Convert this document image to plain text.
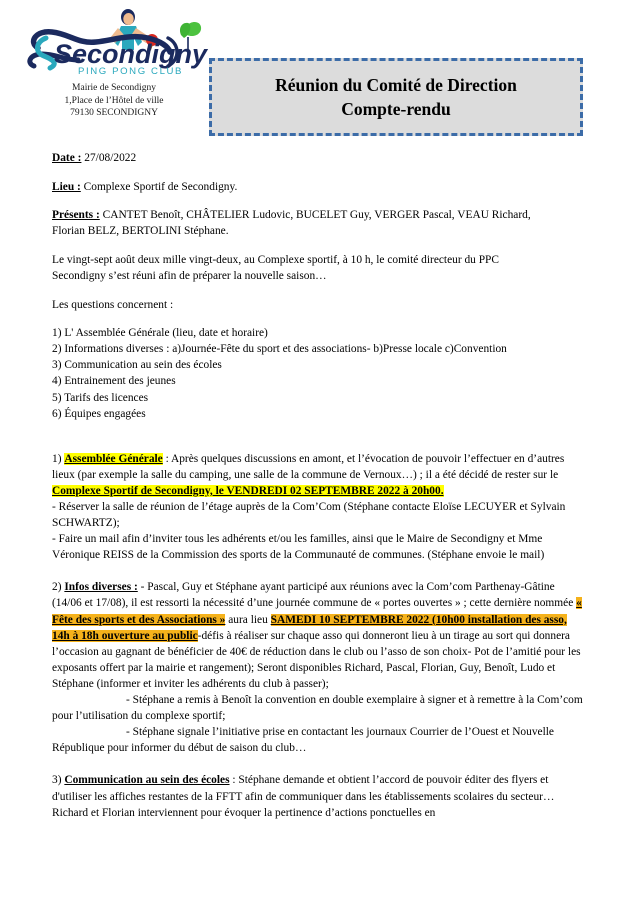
Secondigny
PING PONG CLUB
Mairie de Secondigny
1,Place de l’Hôtel de ville
79130 SECONDIGNY
Réunion du Comité de Direction
Compte-rendu

Date : 27/08/2022

Lieu : Complexe Sportif de Secondigny.

Présents : CANTET Benoît, CHÂTELIER Ludovic, BUCELET Guy, VERGER Pascal, VEAU Richard,
Florian BELZ, BERTOLINI Stéphane.

Le vingt-sept août deux mille vingt-deux, au Complexe sportif, à 10 h, le comité directeur du PPC
Secondigny s’est réuni afin de préparer la nouvelle saison…

Les questions concernent :

1) L' Assemblée Générale (lieu, date et horaire)

2) Informations diverses : a)Journée-Fête du sport et des associations- b)Presse locale c)Convention

3) Communication au sein des écoles

4) Entrainement des jeunes

5) Tarifs des licences

6) Équipes engagées

1) Assemblée Générale : Après quelques discussions en amont, et l’évocation de pouvoir l’effectuer en d’autres lieux (par exemple la salle du camping, une salle de la commune de Vernoux…) ; il a été décidé de rester sur le Complexe Sportif de Secondigny, le VENDREDI 02 SEPTEMBRE 2022 à 20h00.

- Réserver la salle de réunion de l’étage auprès de la Com’Com (Stéphane contacte Eloïse LECUYER et Sylvain SCHWARTZ);

- Faire un mail afin d’inviter tous les adhérents et/ou les familles, ainsi que le Maire de Secondigny et Mme Véronique REISS de la Commission des sports de la Communauté de communes. (Stéphane envoie le mail)

2) Infos diverses : - Pascal, Guy et Stéphane ayant participé aux réunions avec la Com’com Parthenay-Gâtine (14/06 et 17/08), il est ressorti la nécessité d’une journée commune de « portes ouvertes » ; cette dernière nommée « Fête des sports et des Associations » aura lieu SAMEDI 10 SEPTEMBRE 2022 (10h00 installation des asso, 14h à 18h ouverture au public-défis à réaliser sur chaque asso qui donneront lieu à un tirage au sort qui donnera l’occasion au gagnant de bénéficier de 40€ de réduction dans le club ou l’asso de son choix- Pot de l’amitié pour les exposants offert par la mairie et rangement); Seront disponibles Richard, Pascal, Florian, Guy, Benoît, Ludo et Stéphane (informer et inviter les adhérents du club à passer);

- Stéphane a remis à Benoît la convention en double exemplaire à signer et à remettre à la Com’com pour l’utilisation du complexe sportif;

- Stéphane signale l’initiative prise en contactant les journaux Courrier de l’Ouest et Nouvelle République pour informer du début de saison du club…

3) Communication au sein des écoles : Stéphane demande et obtient l’accord de pouvoir éditer des flyers et d'utiliser les affiches restantes de la FFTT afin de communiquer dans les établissements scolaires du secteur… Richard et Florian interviennent pour évoquer la pertinence d’actions ponctuelles en
